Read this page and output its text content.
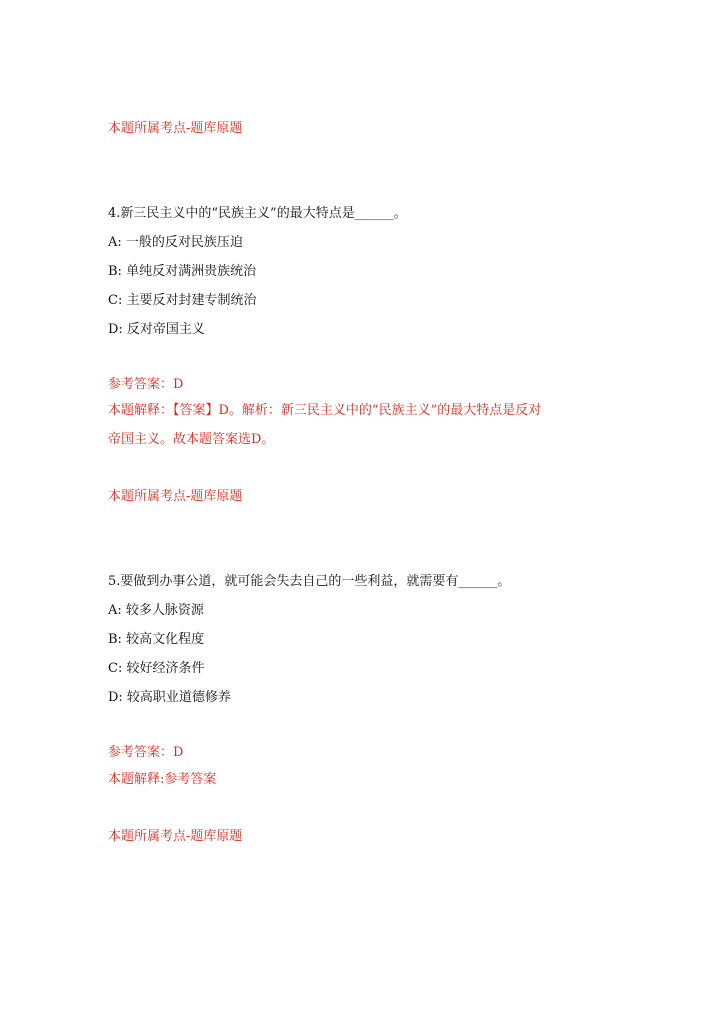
本题所属考点-题库原题
4.新三民主义中的“民族主义”的最大特点是______。
A: 一般的反对民族压迫
B: 单纯反对满洲贵族统治
C: 主要反对封建专制统治
D: 反对帝国主义
参考答案：D
本题解释：【答案】D。解析：新三民主义中的“民族主义”的最大特点是反对
帝国主义。故本题答案选D。
本题所属考点-题库原题
5.要做到办事公道，就可能会失去自己的一些利益，就需要有______。
A: 较多人脉资源
B: 较高文化程度
C: 较好经济条件
D: 较高职业道德修养
参考答案：D
本题解释:参考答案
本题所属考点-题库原题
